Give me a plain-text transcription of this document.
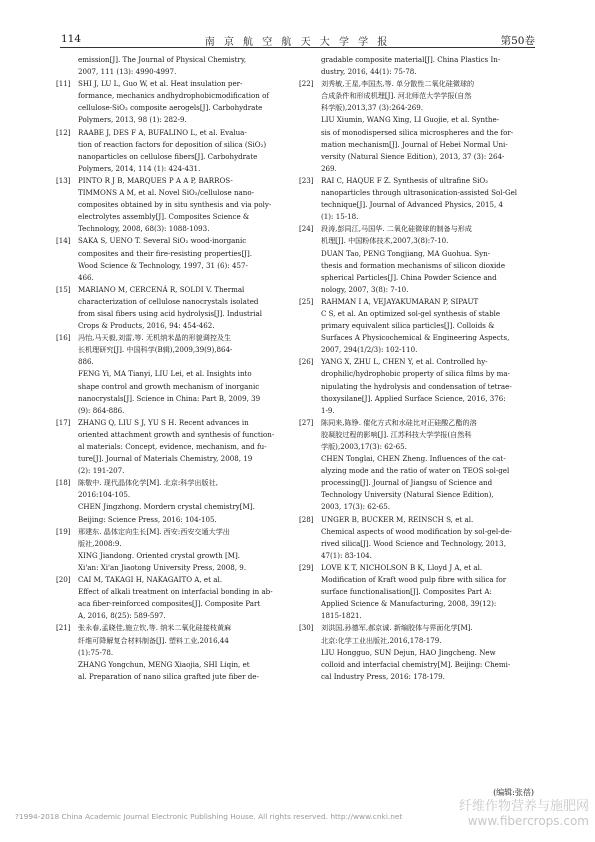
114	南 京 航 空 航 天 大 学 学 报	第50卷
emission[J]. The Journal of Physical Chemistry,
2007, 111 (13): 4990-4997.
[11]	SHI J, LU L, Guo W, et al. Heat insulation per-
formance, mechanics andhydrophobicmodification of
cellulose-SiO₂ composite aerogels[J]. Carbohydrate
Polymers, 2013, 98 (1): 282-9.
[12]	RAABE J, DES F A, BUFALINO L, et al. Evalua-
tion of reaction factors for deposition of silica (SiO₂)
nanoparticles on cellulose fibers[J]. Carbohydrate
Polymers, 2014, 114 (1): 424-431.
[13]	PINTO R J B, MARQUES P A A P, BARROS-
TIMMONS A M, et al. Novel SiO₂/cellulose nano-
composites obtained by in situ synthesis and via poly-
electrolytes assembly[J]. Composites Science &
Technology, 2008, 68(3): 1088-1093.
[14]	SAKA S, UENO T. Several SiO₂ wood-inorganic
composites and their fire-resisting properties[J].
Wood Science & Technology, 1997, 31 (6): 457-
466.
[15]	MARIANO M, CERCENÁ R, SOLDI V. Thermal
characterization of cellulose nanocrystals isolated
from sisal fibers using acid hydrolysis[J]. Industrial
Crops & Products, 2016, 94: 454-462.
[16]	冯怡,马天毅,刘雷,等. 无机纳米晶的形貌调控及生
长机理研究[J]. 中国科学(B辑),2009,39(9),864-
886.
FENG Yi, MA Tianyi, LIU Lei, et al. Insights into
shape control and growth mechanism of inorganic
nanocrystals[J]. Science in China: Part B, 2009, 39
(9): 864-886.
[17]	ZHANG Q, LIU S J, YU S H. Recent advances in
oriented attachment growth and synthesis of function-
al materials: Concept, evidence, mechanism, and fu-
ture[J]. Journal of Materials Chemistry, 2008, 19
(2): 191-207.
[18]	陈敬中. 现代晶体化学[M]. 北京:科学出版社,
2016:104-105.
CHEN Jingzhong. Mordern crystal chemistry[M].
Beijing: Science Press, 2016: 104-105.
[19]	邢建东. 晶体定向生长[M]. 西安:西安交通大学出
版社,2008:9.
XING Jiandong. Oriented crystal growth [M].
Xi'an: Xi'an Jiaotong University Press, 2008, 9.
[20]	CAI M, TAKAGI H, NAKAGAITO A, et al.
Effect of alkali treatment on interfacial bonding in ab-
aca fiber-reinforced composites[J]. Composite Part
A, 2016, 8(25): 589-597.
[21]	张永春,孟晓佳,施立钦,等. 纳米二氧化硅接枝黄麻
纤维可降解复合材料制备[J]. 塑料工业,2016,44
(1):75-78.
ZHANG Yongchun, MENG Xiaojia, SHI Liqin, et
al. Preparation of nano silica grafted jute fiber de-
gradable composite material[J]. China Plastics In-
dustry, 2016, 44(1): 75-78.
[22]	刘秀敏,王星,李国杰,等. 单分散性二氧化硅微球的
合成条件和形成机理[J]. 河北师范大学学报(自然
科学版),2013,37 (3):264-269.
LIU Xiumin, WANG Xing, LI Guojie, et al. Synthe-
sis of monodispersed silica microspheres and the for-
mation mechanism[J]. Journal of Hebei Normal Uni-
versity (Natural Sience Edition), 2013, 37 (3): 264-
269.
[23]	RAI C, HAQUE F Z. Synthesis of ultrafine SiO₂
nanoparticles through ultrasonication-assisted Sol-Gel
technique[J]. Journal of Advanced Physics, 2015, 4
(1): 15-18.
[24]	段涛,彭同江,马国华. 二氧化硅微球的制备与形成
机理[J]. 中国粉体技术,2007,3(8):7-10.
DUAN Tao, PENG Tongjiang, MA Guohua. Syn-
thesis and formation mechanisms of silicon dioxide
spherical Particles[J]. China Powder Science and
nology, 2007, 3(8): 7-10.
[25]	RAHMAN I A, VEJAYAKUMARAN P, SIPAUT
C S, et al. An optimized sol-gel synthesis of stable
primary equivalent silica particles[J]. Colloids &
Surfaces A Physicochemical & Engineering Aspects,
2007, 294(1/2/3): 102-110.
[26]	YANG X, ZHU L, CHEN Y, et al. Controlled hy-
drophilic/hydrophobic property of silica films by ma-
nipulating the hydrolysis and condensation of tetrae-
thoxysilane[J]. Applied Surface Science, 2016, 376:
1-9.
[27]	陈同来,陈铮. 催化方式和水硅比对正硅酸乙酯的溶
胶凝胶过程的影响[J]. 江苏科技大学学报(自然科
学版),2003,17(3): 62-65.
CHEN Tonglai, CHEN Zheng. Influences of the cat-
alyzing mode and the ratio of water on TEOS sol-gel
processing[J]. Journal of Jiangsu of Science and
Technology University (Natural Sience Edition),
2003, 17(3): 62-65.
[28]	UNGER B, BUCKER M, REINSCH S, et al.
Chemical aspects of wood modification by sol-gel-de-
rived silica[J]. Wood Science and Technology, 2013,
47(1): 83-104.
[29]	LOVE K T, NICHOLSON B K, Lloyd J A, et al.
Modification of Kraft wood pulp fibre with silica for
surface functionalisation[J]. Composites Part A:
Applied Science & Manufacturing, 2008, 39(12):
1815-1821.
[30]	刘洪国,孙德军,郝京诚. 新编胶体与界面化学[M].
北京:化学工业出版社,2016,178-179.
LIU Hongguo, SUN Dejun, HAO Jingcheng. New
colloid and interfacial chemistry[M]. Beijing: Chemi-
cal Industry Press, 2016: 178-179.
(编辑:张蓓)
?1994-2018 China Academic Journal Electronic Publishing House. All rights reserved. http://www.cnki.net
纤维作物营养与施肥网
www.fibercrops.com
